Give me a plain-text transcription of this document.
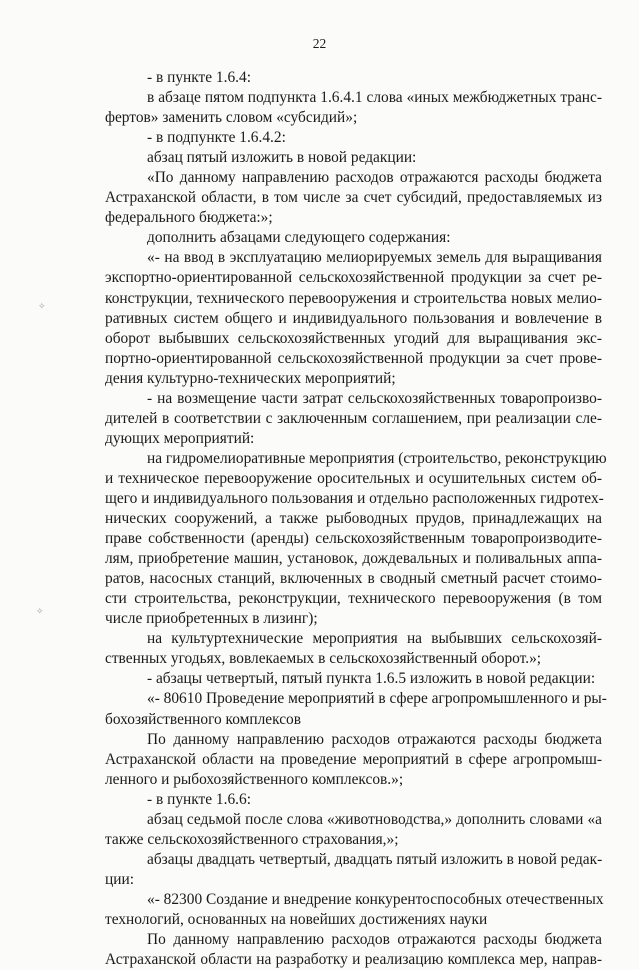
22
✧
✧
- в пункте 1.6.4:
в абзаце пятом подпункта 1.6.4.1 слова «иных межбюджетных транс-
фертов» заменить словом «субсидий»;
- в подпункте 1.6.4.2:
абзац пятый изложить в новой редакции:
«По данному направлению расходов отражаются расходы бюджета
Астраханской области, в том числе за счет субсидий, предоставляемых из
федерального бюджета:»;
дополнить абзацами следующего содержания:
«- на ввод в эксплуатацию мелиорируемых земель для выращивания
экспортно-ориентированной сельскохозяйственной продукции за счет ре-
конструкции, технического перевооружения и строительства новых мелио-
ративных систем общего и индивидуального пользования и вовлечение в
оборот выбывших сельскохозяйственных угодий для выращивания экс-
портно-ориентированной сельскохозяйственной продукции за счет прове-
дения культурно-технических мероприятий;
- на возмещение части затрат сельскохозяйственных товаропроизво-
дителей в соответствии с заключенным соглашением, при реализации сле-
дующих мероприятий:
на гидромелиоративные мероприятия (строительство, реконструкцию
и техническое перевооружение оросительных и осушительных систем об-
щего и индивидуального пользования и отдельно расположенных гидротех-
нических сооружений, а также рыбоводных прудов, принадлежащих на
праве собственности (аренды) сельскохозяйственным товаропроизводите-
лям, приобретение машин, установок, дождевальных и поливальных аппа-
ратов, насосных станций, включенных в сводный сметный расчет стоимо-
сти строительства, реконструкции, технического перевооружения (в том
числе приобретенных в лизинг);
на культуртехнические мероприятия на выбывших сельскохозяй-
ственных угодьях, вовлекаемых в сельскохозяйственный оборот.»;
- абзацы четвертый, пятый пункта 1.6.5 изложить в новой редакции:
«- 80610 Проведение мероприятий в сфере агропромышленного и ры-
бохозяйственного комплексов
По данному направлению расходов отражаются расходы бюджета
Астраханской области на проведение мероприятий в сфере агропромыш-
ленного и рыбохозяйственного комплексов.»;
- в пункте 1.6.6:
абзац седьмой после слова «животноводства,» дополнить словами «а
также сельскохозяйственного страхования,»;
абзацы двадцать четвертый, двадцать пятый изложить в новой редак-
ции:
«- 82300 Создание и внедрение конкурентоспособных отечественных
технологий, основанных на новейших достижениях науки
По данному направлению расходов отражаются расходы бюджета
Астраханской области на разработку и реализацию комплекса мер, направ-
